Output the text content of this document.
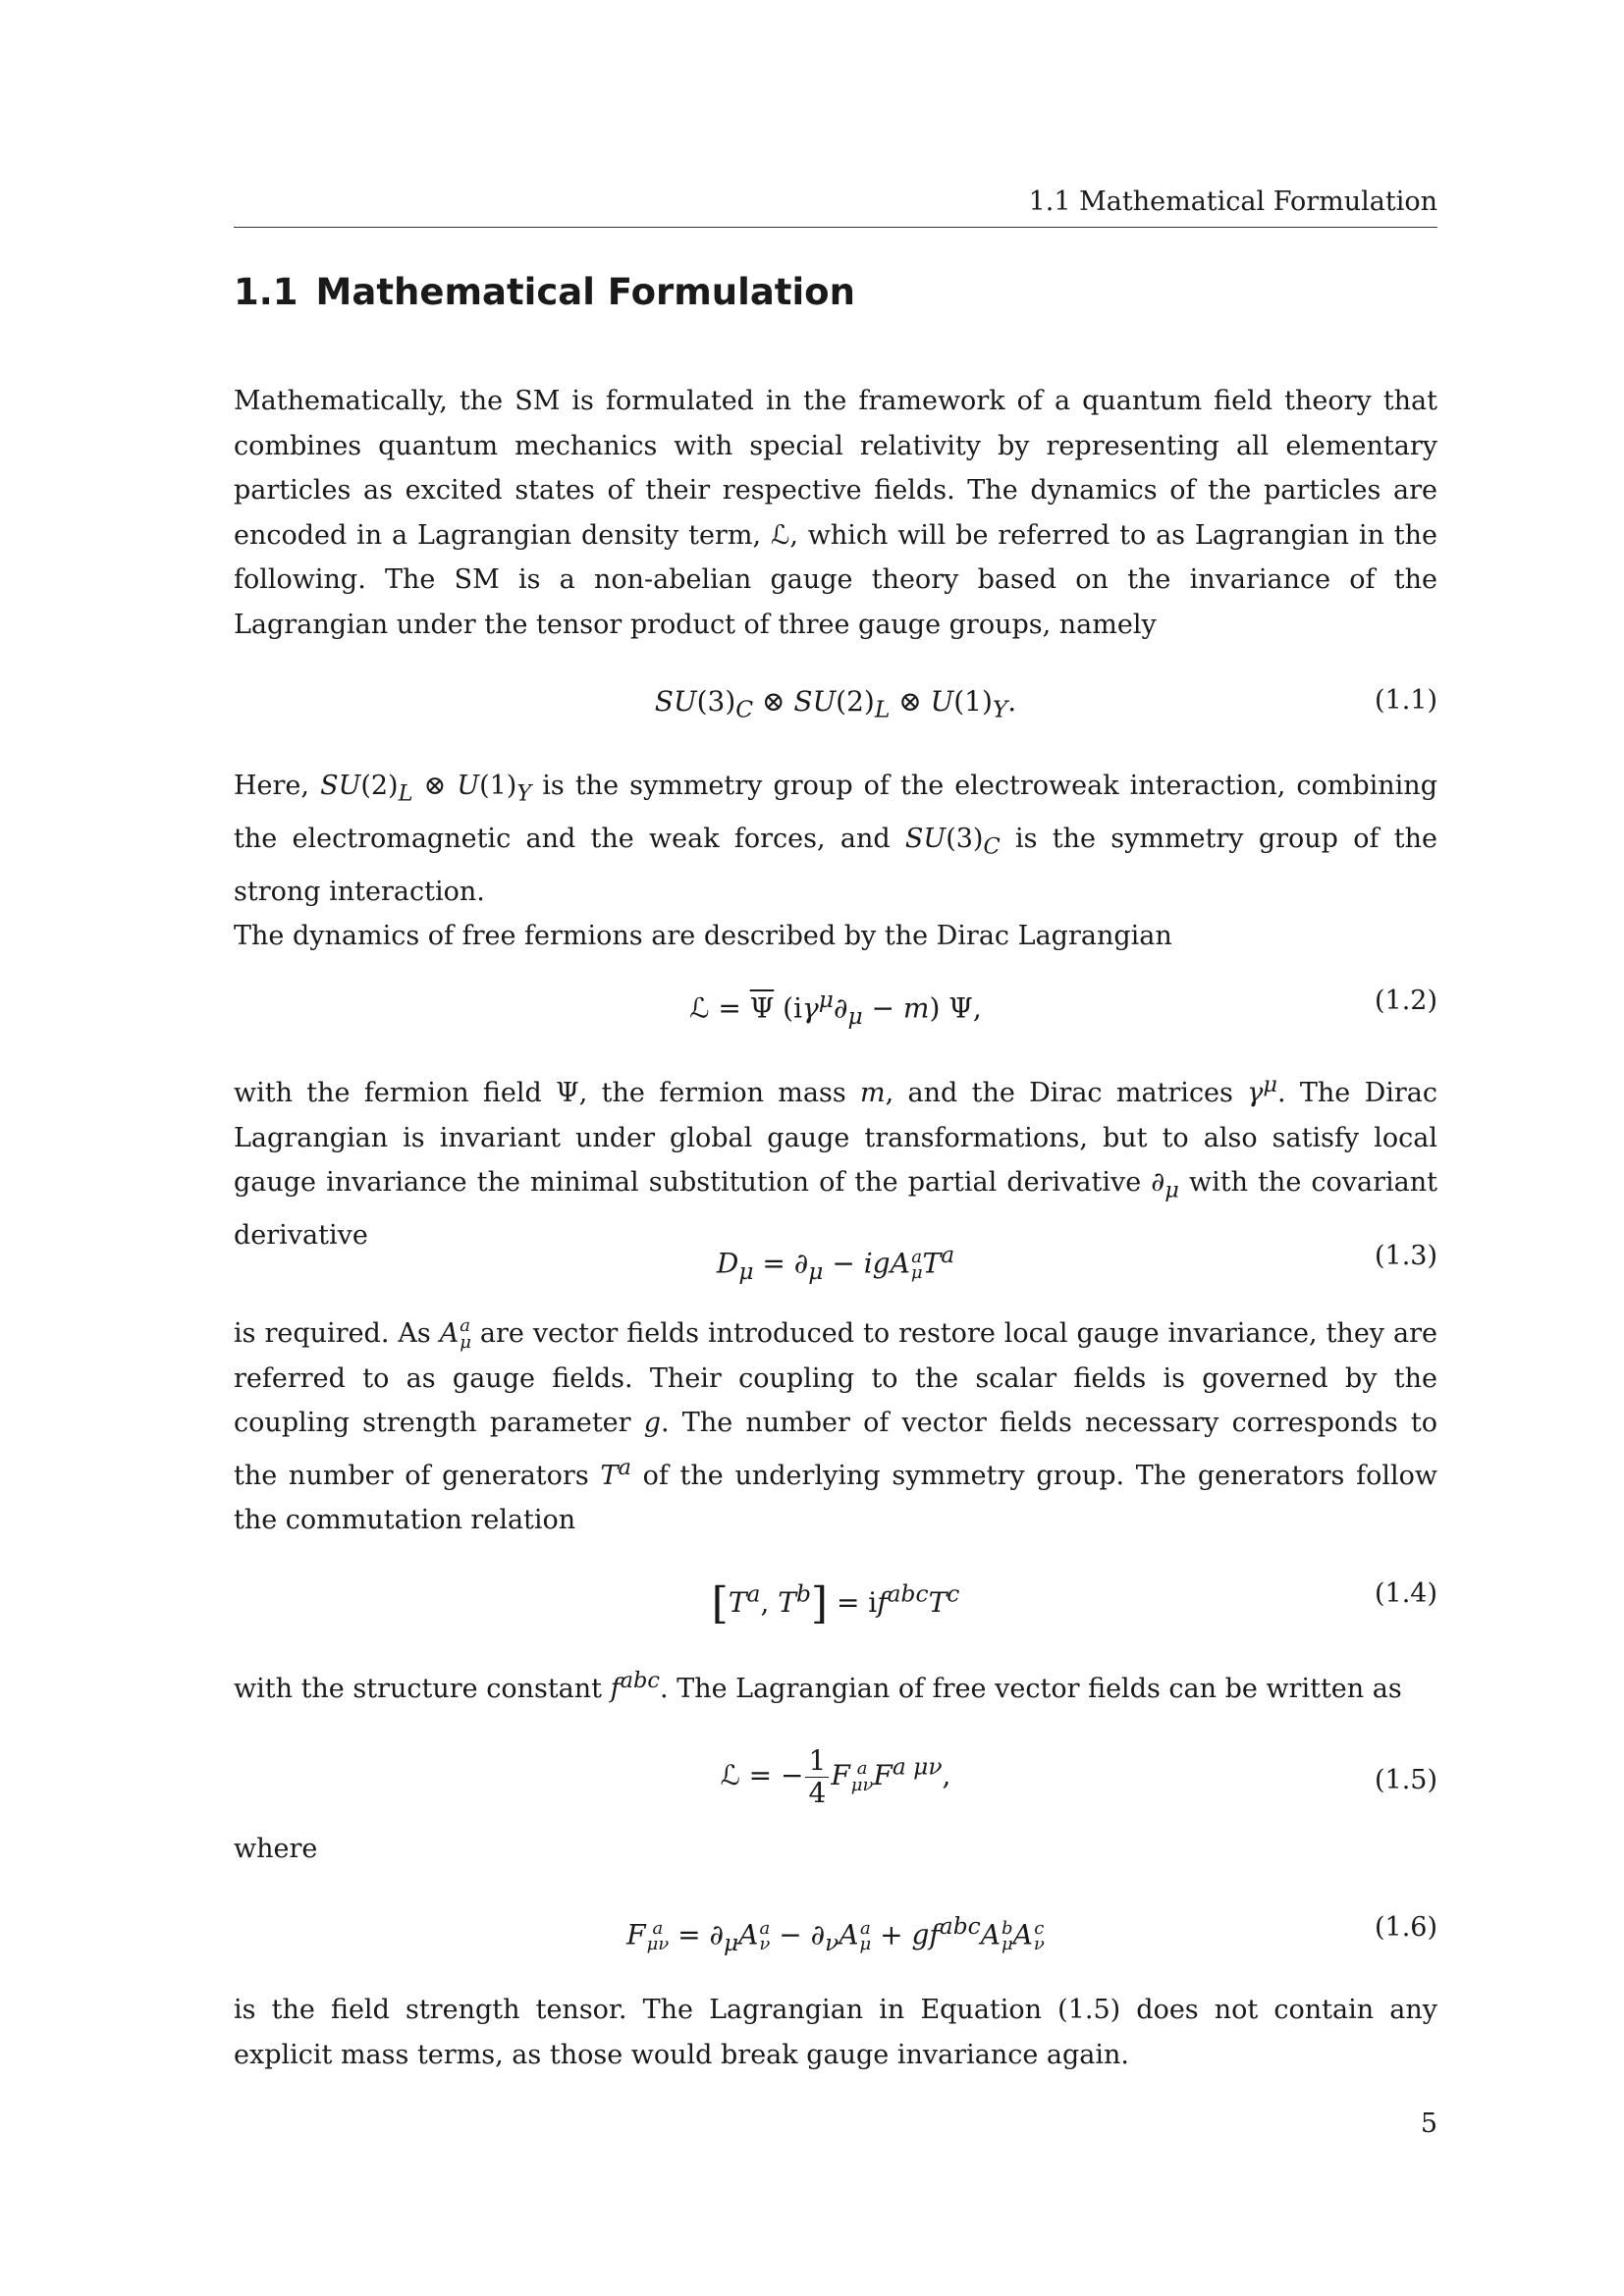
1.1 Mathematical Formulation
1.1 Mathematical Formulation

Mathematically, the SM is formulated in the framework of a quantum field theory that combines quantum mechanics with special relativity by representing all elementary particles as excited states of their respective fields. The dynamics of the particles are encoded in a Lagrangian density term, ℒ, which will be referred to as Lagrangian in the following. The SM is a non-abelian gauge theory based on the invariance of the Lagrangian under the tensor product of three gauge groups, namely

$SU(3)_C$ ⊗ $SU(2)_L$ ⊗ $U(1)_Y$.	(1.1)

Here, $SU(2)_L$ ⊗ $U(1)_Y$ is the symmetry group of the electroweak interaction, combining the electromagnetic and the weak forces, and $SU(3)_C$ is the symmetry group of the strong interaction.
The dynamics of free fermions are described by the Dirac Lagrangian

ℒ = $\overline{\Psi}$ $(i\gamma^\mu\partial_\mu - m)$ Ψ,	(1.2)

with the fermion field Ψ, the fermion mass m, and the Dirac matrices $\gamma^\mu$. The Dirac Lagrangian is invariant under global gauge transformations, but to also satisfy local gauge invariance the minimal substitution of the partial derivative $\partial_\mu$ with the covariant derivative

$D_\mu = \partial_\mu$ − igA a
μ $T^a$	(1.3)

is required. As A a
μ are vector fields introduced to restore local gauge invariance, they are referred to as gauge fields. Their coupling to the scalar fields is governed by the coupling strength parameter g. The number of vector fields necessary corresponds to the number of generators $T^a$ of the underlying symmetry group. The generators follow the commutation relation

[$T^a$, $T^b] = if^{abc}T^c$	(1.4)

with the structure constant $f^{abc}$. The Lagrangian of free vector fields can be written as

ℒ = − $\frac{1}{4}$ F a
μν $F^{a \mu\nu}$,	(1.5)

where

F a
$\mu\nu = \partial_\mu A$ a
$\nu - \partial_\nu A$ a
$\mu + gf^{abc}A$ b
μ A c
ν
(1.6)

is the field strength tensor. The Lagrangian in Equation (1.5) does not contain any explicit mass terms, as those would break gauge invariance again.

5
